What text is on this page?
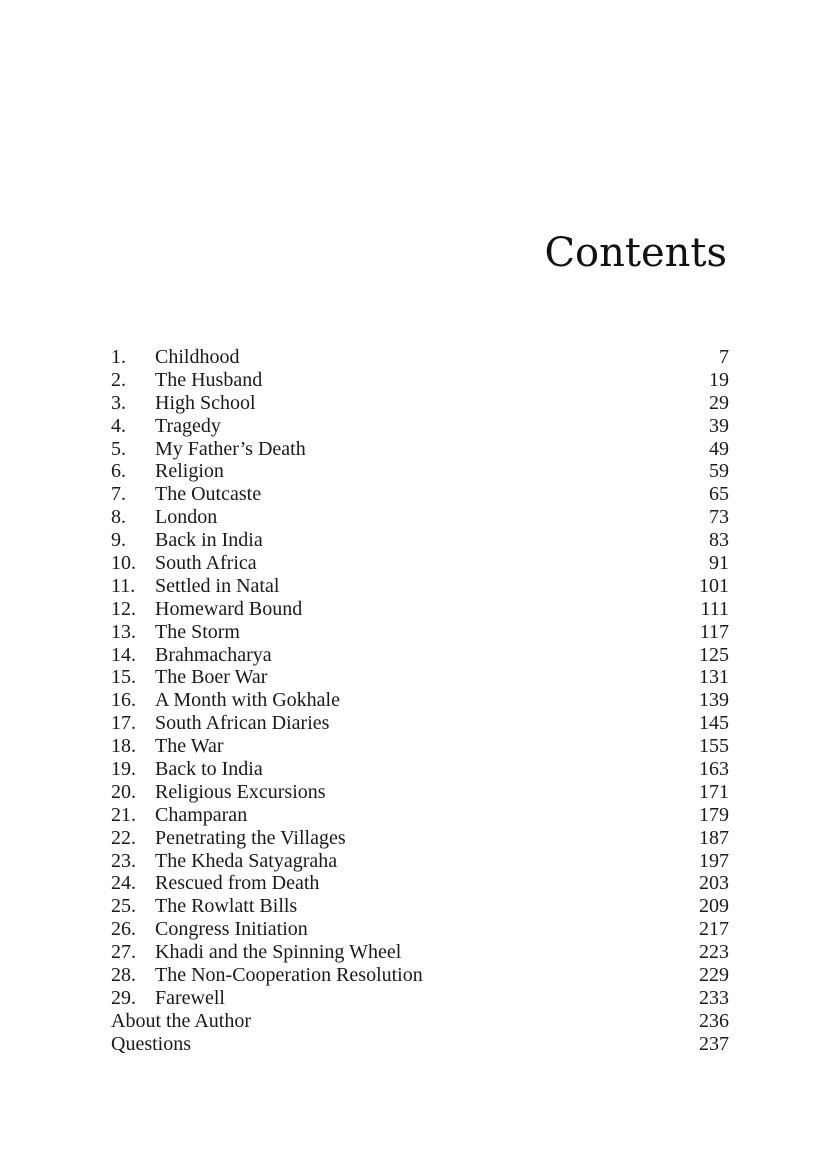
Contents
1.	Childhood	7
2.	The Husband	19
3.	High School	29
4.	Tragedy	39
5.	My Father’s Death	49
6.	Religion	59
7.	The Outcaste	65
8.	London	73
9.	Back in India	83
10. South Africa	91
11. Settled in Natal	101
12. Homeward Bound	111
13. The Storm	117
14. Brahmacharya	125
15. The Boer War	131
16. A Month with Gokhale	139
17. South African Diaries	145
18. The War	155
19. Back to India	163
20. Religious Excursions	171
21. Champaran	179
22. Penetrating the Villages	187
23. The Kheda Satyagraha	197
24. Rescued from Death	203
25. The Rowlatt Bills	209
26. Congress Initiation	217
27. Khadi and the Spinning Wheel	223
28. The Non-Cooperation Resolution	229
29. Farewell	233
About the Author	236
Questions	237
